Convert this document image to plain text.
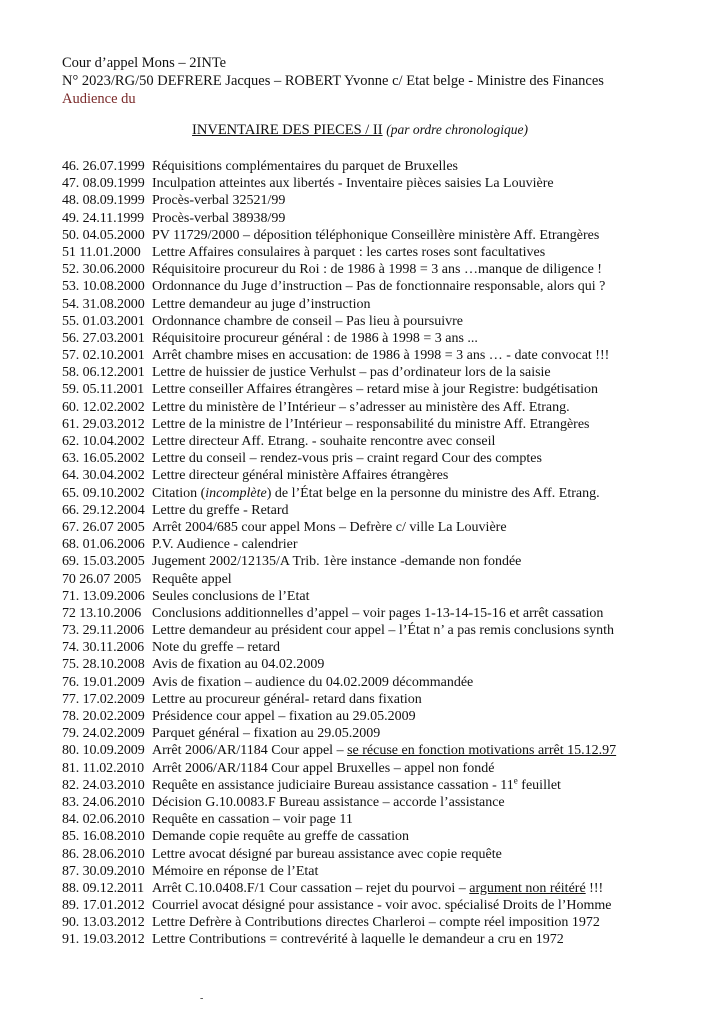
Cour d’appel Mons – 2INTe
N° 2023/RG/50 DEFRERE Jacques – ROBERT Yvonne c/ Etat belge - Ministre des Finances
Audience du
INVENTAIRE DES PIECES / II (par ordre chronologique)
46. 26.07.1999 Réquisitions complémentaires du parquet de Bruxelles
47. 08.09.1999 Inculpation atteintes aux libertés - Inventaire pièces saisies La Louvière
48. 08.09.1999 Procès-verbal 32521/99
49. 24.11.1999 Procès-verbal 38938/99
50. 04.05.2000 PV 11729/2000 – déposition téléphonique Conseillère ministère Aff. Etrangères
51 11.01.2000 Lettre Affaires consulaires à parquet : les cartes roses sont facultatives
52. 30.06.2000 Réquisitoire procureur du Roi : de 1986 à 1998 = 3 ans …manque de diligence !
53. 10.08.2000 Ordonnance du Juge d’instruction – Pas de fonctionnaire responsable, alors qui ?
54. 31.08.2000 Lettre demandeur au juge d’instruction
55. 01.03.2001 Ordonnance chambre de conseil – Pas lieu à poursuivre
56. 27.03.2001 Réquisitoire procureur général : de 1986 à 1998 = 3 ans ...
57. 02.10.2001 Arrêt chambre mises en accusation: de 1986 à 1998 = 3 ans … - date convocat !!!
58. 06.12.2001 Lettre de huissier de justice Verhulst – pas d’ordinateur lors de la saisie
59. 05.11.2001 Lettre conseiller Affaires étrangères – retard mise à jour Registre: budgétisation
60. 12.02.2002 Lettre du ministère de l’Intérieur – s’adresser au ministère des Aff. Etrang.
61. 29.03.2012 Lettre de la ministre de l’Intérieur – responsabilité du ministre Aff. Etrangères
62. 10.04.2002 Lettre directeur Aff. Etrang. - souhaite rencontre avec conseil
63. 16.05.2002 Lettre du conseil – rendez-vous pris – craint regard Cour des comptes
64. 30.04.2002 Lettre directeur général ministère Affaires étrangères
65. 09.10.2002 Citation (incomplète) de l’État belge en la personne du ministre des Aff. Etrang.
66. 29.12.2004 Lettre du greffe - Retard
67. 26.07 2005 Arrêt 2004/685 cour appel Mons – Defrère c/ ville La Louvière
68. 01.06.2006 P.V. Audience - calendrier
69. 15.03.2005 Jugement 2002/12135/A Trib. 1ère instance -demande non fondée
70 26.07 2005 Requête appel
71. 13.09.2006 Seules conclusions de l’Etat
72 13.10.2006 Conclusions additionnelles d’appel – voir pages 1-13-14-15-16 et arrêt cassation
73. 29.11.2006 Lettre demandeur au président cour appel – l’État n’ a pas remis conclusions synth
74. 30.11.2006 Note du greffe – retard
75. 28.10.2008 Avis de fixation au 04.02.2009
76. 19.01.2009 Avis de fixation – audience du 04.02.2009 décommandée
77. 17.02.2009 Lettre au procureur général- retard dans fixation
78. 20.02.2009 Présidence cour appel – fixation au 29.05.2009
79. 24.02.2009 Parquet général – fixation au 29.05.2009
80. 10.09.2009 Arrêt 2006/AR/1184 Cour appel – se récuse en fonction motivations arrêt 15.12.97
81. 11.02.2010 Arrêt 2006/AR/1184 Cour appel Bruxelles – appel non fondé
82. 24.03.2010 Requête en assistance judiciaire Bureau assistance cassation - 11e feuillet
83. 24.06.2010 Décision G.10.0083.F Bureau assistance – accorde l’assistance
84. 02.06.2010 Requête en cassation – voir page 11
85. 16.08.2010 Demande copie requête au greffe de cassation
86. 28.06.2010 Lettre avocat désigné par bureau assistance avec copie requête
87. 30.09.2010 Mémoire en réponse de l’Etat
88. 09.12.2011 Arrêt C.10.0408.F/1 Cour cassation – rejet du pourvoi – argument non réitéré !!!
89. 17.01.2012 Courriel avocat désigné pour assistance - voir avoc. spécialisé Droits de l’Homme
90. 13.03.2012 Lettre Defrère à Contributions directes Charleroi – compte réel imposition 1972
91. 19.03.2012 Lettre Contributions = contrevérité à laquelle le demandeur a cru en 1972
-
